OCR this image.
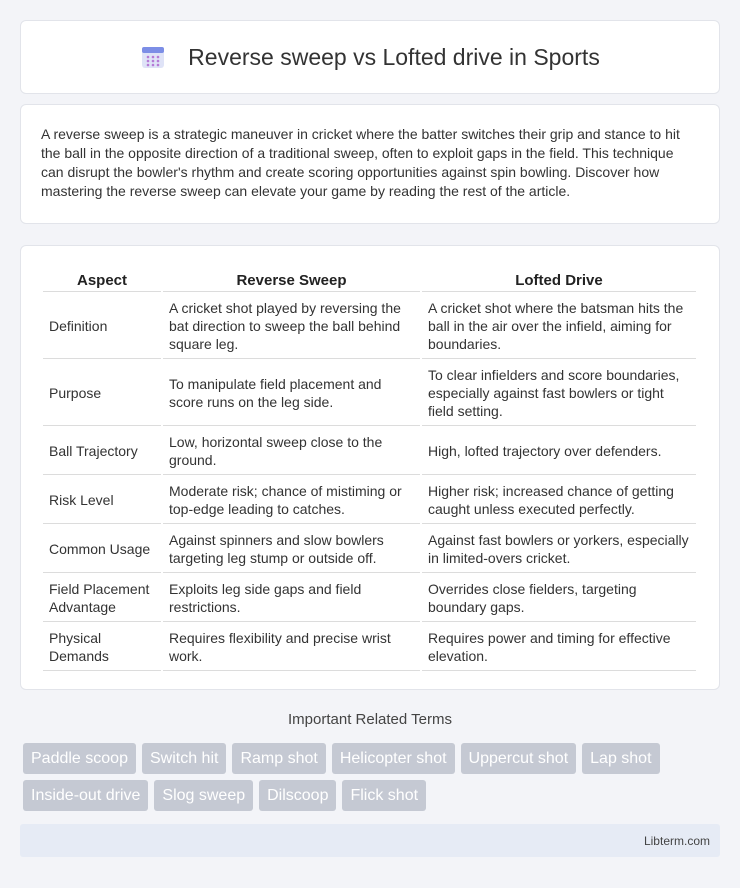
Reverse sweep vs Lofted drive in Sports

A reverse sweep is a strategic maneuver in cricket where the batter switches their grip and stance to hit the ball in the opposite direction of a traditional sweep, often to exploit gaps in the field. This technique can disrupt the bowler's rhythm and create scoring opportunities against spin bowling. Discover how mastering the reverse sweep can elevate your game by reading the rest of the article.

Aspect	Reverse Sweep	Lofted Drive
Definition	A cricket shot played by reversing the bat direction to sweep the ball behind square leg.	A cricket shot where the batsman hits the ball in the air over the infield, aiming for boundaries.
Purpose	To manipulate field placement and score runs on the leg side.	To clear infielders and score boundaries, especially against fast bowlers or tight field setting.
Ball Trajectory	Low, horizontal sweep close to the ground.	High, lofted trajectory over defenders.
Risk Level	Moderate risk; chance of mistiming or top-edge leading to catches.	Higher risk; increased chance of getting caught unless executed perfectly.
Common Usage	Against spinners and slow bowlers targeting leg stump or outside off.	Against fast bowlers or yorkers, especially in limited-overs cricket.
Field Placement Advantage	Exploits leg side gaps and field restrictions.	Overrides close fielders, targeting boundary gaps.
Physical Demands	Requires flexibility and precise wrist work.	Requires power and timing for effective elevation.
Important Related Terms
Paddle scoop	Switch hit	Ramp shot	Helicopter shot	Uppercut shot	Lap shot
Inside-out drive	Slog sweep	Dilscoop	Flick shot
Libterm.com
